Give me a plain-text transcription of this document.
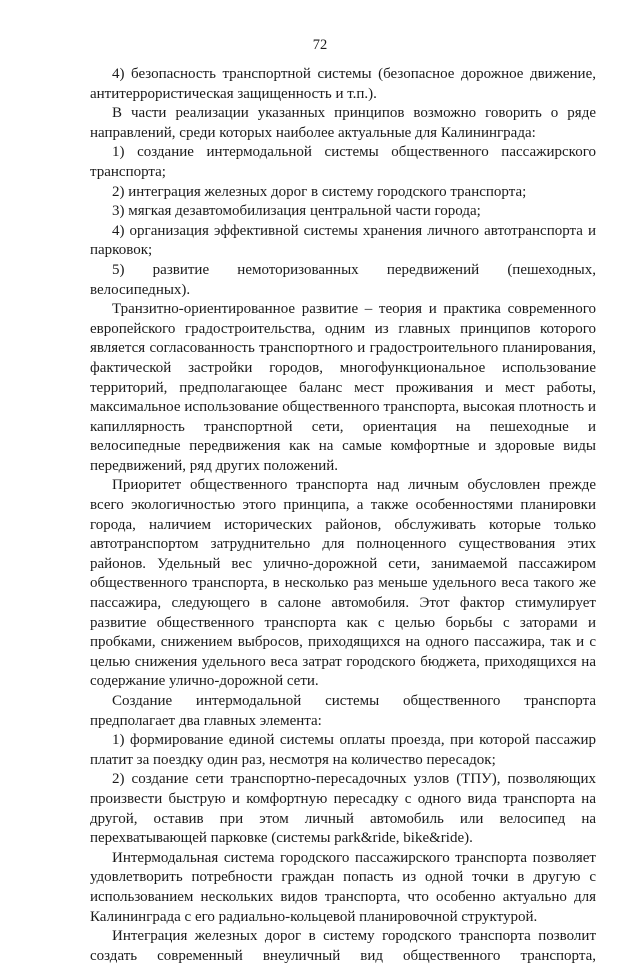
72

4) безопасность транспортной системы (безопасное дорожное движение, антитеррористическая защищенность и т.п.).

В части реализации указанных принципов возможно говорить о ряде направлений, среди которых наиболее актуальные для Калининграда:

1) создание интермодальной системы общественного пассажирского транспорта;

2) интеграция железных дорог в систему городского транспорта;

3) мягкая дезавтомобилизация центральной части города;

4) организация эффективной системы хранения личного автотранспорта и парковок;

5) развитие немоторизованных передвижений (пешеходных, велосипедных).

Транзитно-ориентированное развитие – теория и практика современного европейского градостроительства, одним из главных принципов которого является согласованность транспортного и градостроительного планирования, фактической застройки городов, многофункциональное использование территорий, предполагающее баланс мест проживания и мест работы, максимальное использование общественного транспорта, высокая плотность и капиллярность транспортной сети, ориентация на пешеходные и велосипедные передвижения как на самые комфортные и здоровые виды передвижений, ряд других положений.

Приоритет общественного транспорта над личным обусловлен прежде всего экологичностью этого принципа, а также особенностями планировки города, наличием исторических районов, обслуживать которые только автотранспортом затруднительно для полноценного существования этих районов. Удельный вес улично-дорожной сети, занимаемой пассажиром общественного транспорта, в несколько раз меньше удельного веса такого же пассажира, следующего в салоне автомобиля. Этот фактор стимулирует развитие общественного транспорта как с целью борьбы с заторами и пробками, снижением выбросов, приходящихся на одного пассажира, так и с целью снижения удельного веса затрат городского бюджета, приходящихся на содержание улично-дорожной сети.

Создание интермодальной системы общественного транспорта предполагает два главных элемента:

1) формирование единой системы оплаты проезда, при которой пассажир платит за поездку один раз, несмотря на количество пересадок;

2) создание сети транспортно-пересадочных узлов (ТПУ), позволяющих произвести быструю и комфортную пересадку с одного вида транспорта на другой, оставив при этом личный автомобиль или велосипед на перехватывающей парковке (системы park&ride, bike&ride).

Интермодальная система городского пассажирского транспорта позволяет удовлетворить потребности граждан попасть из одной точки в другую с использованием нескольких видов транспорта, что особенно актуально для Калининграда с его радиально-кольцевой планировочной структурой.

Интеграция железных дорог в систему городского транспорта позволит создать современный внеуличный вид общественного транспорта,
